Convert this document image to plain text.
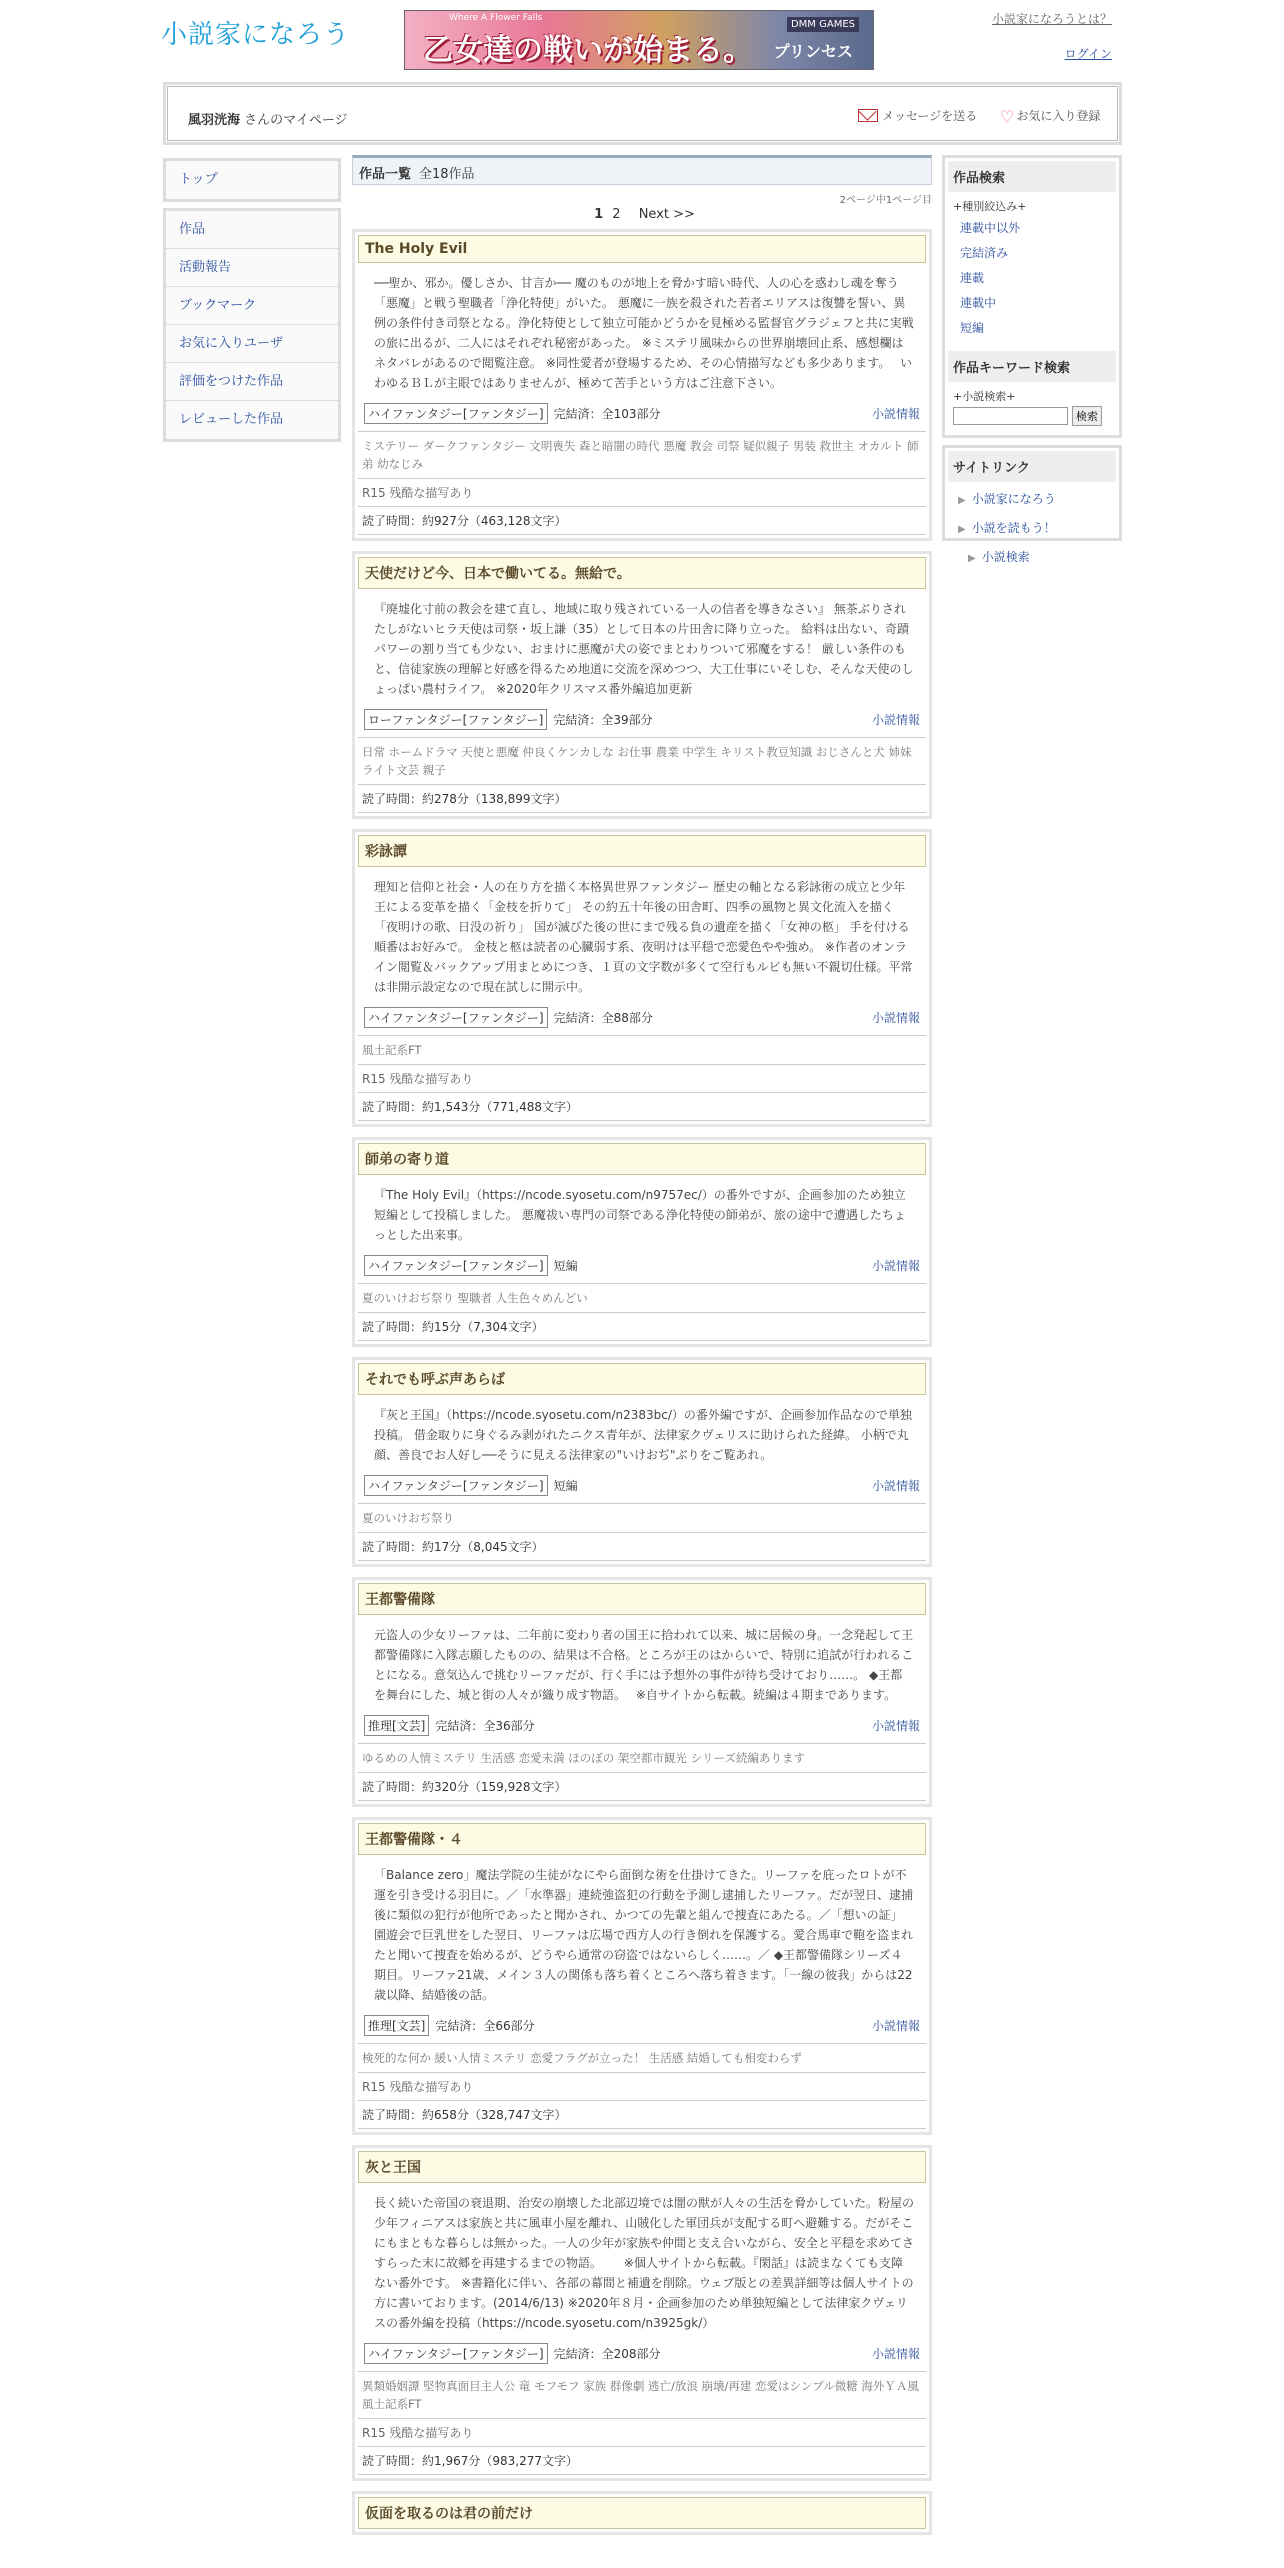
小説家になろう
Where A Flower Falls
乙女達の戦いが始まる。
DMM GAMES
プリンセス
小説家になろうとは？
ログイン
風羽洸海 さんのマイページ	メッセージを送る ♡ お気に入り登録
トップ
作品
活動報告
ブックマーク
お気に入りユーザ
評価をつけた作品
レビューした作品
作品一覧 全18作品
2ページ中1ページ目
1 2 Next >>
The Holy Evil
──聖か、邪か。優しさか、甘言か── 魔のものが地上を脅かす暗い時代、人の心を惑わし魂を奪う「悪魔」と戦う聖職者「浄化特使」がいた。 悪魔に一族を殺された若者エリアスは復讐を誓い、異例の条件付き司祭となる。浄化特使として独立可能かどうかを見極める監督官グラジェフと共に実戦の旅に出るが、二人にはそれぞれ秘密があった。 ※ミステリ風味からの世界崩壊回止系、感想欄はネタバレがあるので閲覧注意。 ※同性愛者が登場するため、その心情描写なども多少あります。　 いわゆるＢＬが主眼ではありませんが、極めて苦手という方はご注意下さい。
ハイファンタジー[ファンタジー] 完結済：全103部分	小説情報
ミステリー ダークファンタジー 文明喪失 森と暗闇の時代 悪魔 教会 司祭 疑似親子 男装 救世主 オカルト 師弟 幼なじみ
R15 残酷な描写あり
読了時間：約927分（463,128文字）
天使だけど今、日本で働いてる。無給で。
『廃墟化寸前の教会を建て直し、地域に取り残されている一人の信者を導きなさい』 無茶ぶりされたしがないヒラ天使は司祭・坂上謙（35）として日本の片田舎に降り立った。 給料は出ない、奇蹟パワーの割り当ても少ない、おまけに悪魔が犬の姿でまとわりついて邪魔をする！ 厳しい条件のもと、信徒家族の理解と好感を得るため地道に交流を深めつつ、大工仕事にいそしむ、そんな天使のしょっぱい農村ライフ。 ※2020年クリスマス番外編追加更新
ローファンタジー[ファンタジー] 完結済：全39部分	小説情報
日常 ホームドラマ 天使と悪魔 仲良くケンカしな お仕事 農業 中学生 キリスト教豆知識 おじさんと犬 姉妹 ライト文芸 親子
読了時間：約278分（138,899文字）
彩詠譚
理知と信仰と社会・人の在り方を描く本格異世界ファンタジー 歴史の軸となる彩詠術の成立と少年王による変革を描く「金枝を折りて」 その約五十年後の田舎町、四季の風物と異文化流入を描く「夜明けの歌、日没の祈り」 国が滅びた後の世にまで残る負の遺産を描く「女神の柩」 手を付ける順番はお好みで。 金枝と柩は読者の心臓弱す系、夜明けは平穏で恋愛色やや強め。 ※作者のオンライン閲覧＆バックアップ用まとめにつき、１頁の文字数が多くて空行もルビも無い不親切仕様。平常は非開示設定なので現在試しに開示中。
ハイファンタジー[ファンタジー] 完結済：全88部分	小説情報
風土記系FT
R15 残酷な描写あり
読了時間：約1,543分（771,488文字）
師弟の寄り道
『The Holy Evil』（https://ncode.syosetu.com/n9757ec/）の番外ですが、企画参加のため独立短編として投稿しました。 悪魔祓い専門の司祭である浄化特使の師弟が、旅の途中で遭遇したちょっとした出来事。
ハイファンタジー[ファンタジー] 短編	小説情報
夏のいけおぢ祭り 聖職者 人生色々めんどい
読了時間：約15分（7,304文字）
それでも呼ぶ声あらば
『灰と王国』（https://ncode.syosetu.com/n2383bc/）の番外編ですが、企画参加作品なので単独投稿。 借金取りに身ぐるみ剥がれたニクス青年が、法律家クヴェリスに助けられた経緯。 小柄で丸顔、善良でお人好し──そうに見える法律家の"いけおぢ"ぶりをご覧あれ。
ハイファンタジー[ファンタジー] 短編	小説情報
夏のいけおぢ祭り
読了時間：約17分（8,045文字）
王都警備隊
元盗人の少女リーファは、二年前に変わり者の国王に拾われて以来、城に居候の身。一念発起して王都警備隊に入隊志願したものの、結果は不合格。ところが王のはからいで、特別に追試が行われることになる。意気込んで挑むリーファだが、行く手には予想外の事件が待ち受けており……。 ◆王都を舞台にした、城と街の人々が織り成す物語。　 ※自サイトから転載。続編は４期まであります。
推理[文芸] 完結済：全36部分	小説情報
ゆるめの人情ミステリ 生活感 恋愛未満 ほのぼの 架空都市観光 シリーズ続編あります
読了時間：約320分（159,928文字）
王都警備隊・４
「Balance zero」魔法学院の生徒がなにやら面倒な術を仕掛けてきた。リーファを庇ったロトが不運を引き受ける羽目に。／「水準器」連続強盗犯の行動を予測し逮捕したリーファ。だが翌日、逮捕後に類似の犯行が他所であったと聞かされ、かつての先輩と組んで捜査にあたる。／「想いの証」園遊会で巨乳世をした翌日、リーファは広場で西方人の行き倒れを保護する。愛合馬車で鞄を盗まれたと聞いて捜査を始めるが、どうやら通常の窃盗ではないらしく……。／ ◆王都警備隊シリーズ４期目。リーファ21歳、メイン３人の関係も落ち着くところへ落ち着きます。「一線の彼我」からは22歳以降、結婚後の話。
推理[文芸] 完結済：全66部分	小説情報
検死的な何か 緩い人情ミステリ 恋愛フラグが立った！ 生活感 結婚しても相変わらず
R15 残酷な描写あり
読了時間：約658分（328,747文字）
灰と王国
長く続いた帝国の衰退期、治安の崩壊した北部辺境では闇の獣が人々の生活を脅かしていた。粉屋の少年フィニアスは家族と共に風車小屋を離れ、山賊化した軍団兵が支配する町へ避難する。だがそこにもまともな暮らしは無かった。一人の少年が家族や仲間と支え合いながら、安全と平穏を求めてさすらった末に故郷を再建するまでの物語。　　 ※個人サイトから転載。『閑話』は読まなくても支障ない番外です。 ※書籍化に伴い、各部の幕間と補遺を削除。ウェブ版との差異詳細等は個人サイトの方に書いております。(2014/6/13) ※2020年８月・企画参加のため単独短編として法律家クヴェリスの番外編を投稿（https://ncode.syosetu.com/n3925gk/）
ハイファンタジー[ファンタジー] 完結済：全208部分	小説情報
異類婚姻譚 堅物真面目主人公 竜 モフモフ 家族 群像劇 逃亡/放浪 崩壊/再建 恋愛はシンプル微糖 海外ＹＡ風 風土記系FT
R15 残酷な描写あり
読了時間：約1,967分（983,277文字）
仮面を取るのは君の前だけ
作品検索
+種別絞込み+
連載中以外
完結済み
連載
連載中
短編
作品キーワード検索
+小説検索+
検索
サイトリンク
▶ 小説家になろう
▶ 小説を読もう！
▶ 小説検索
